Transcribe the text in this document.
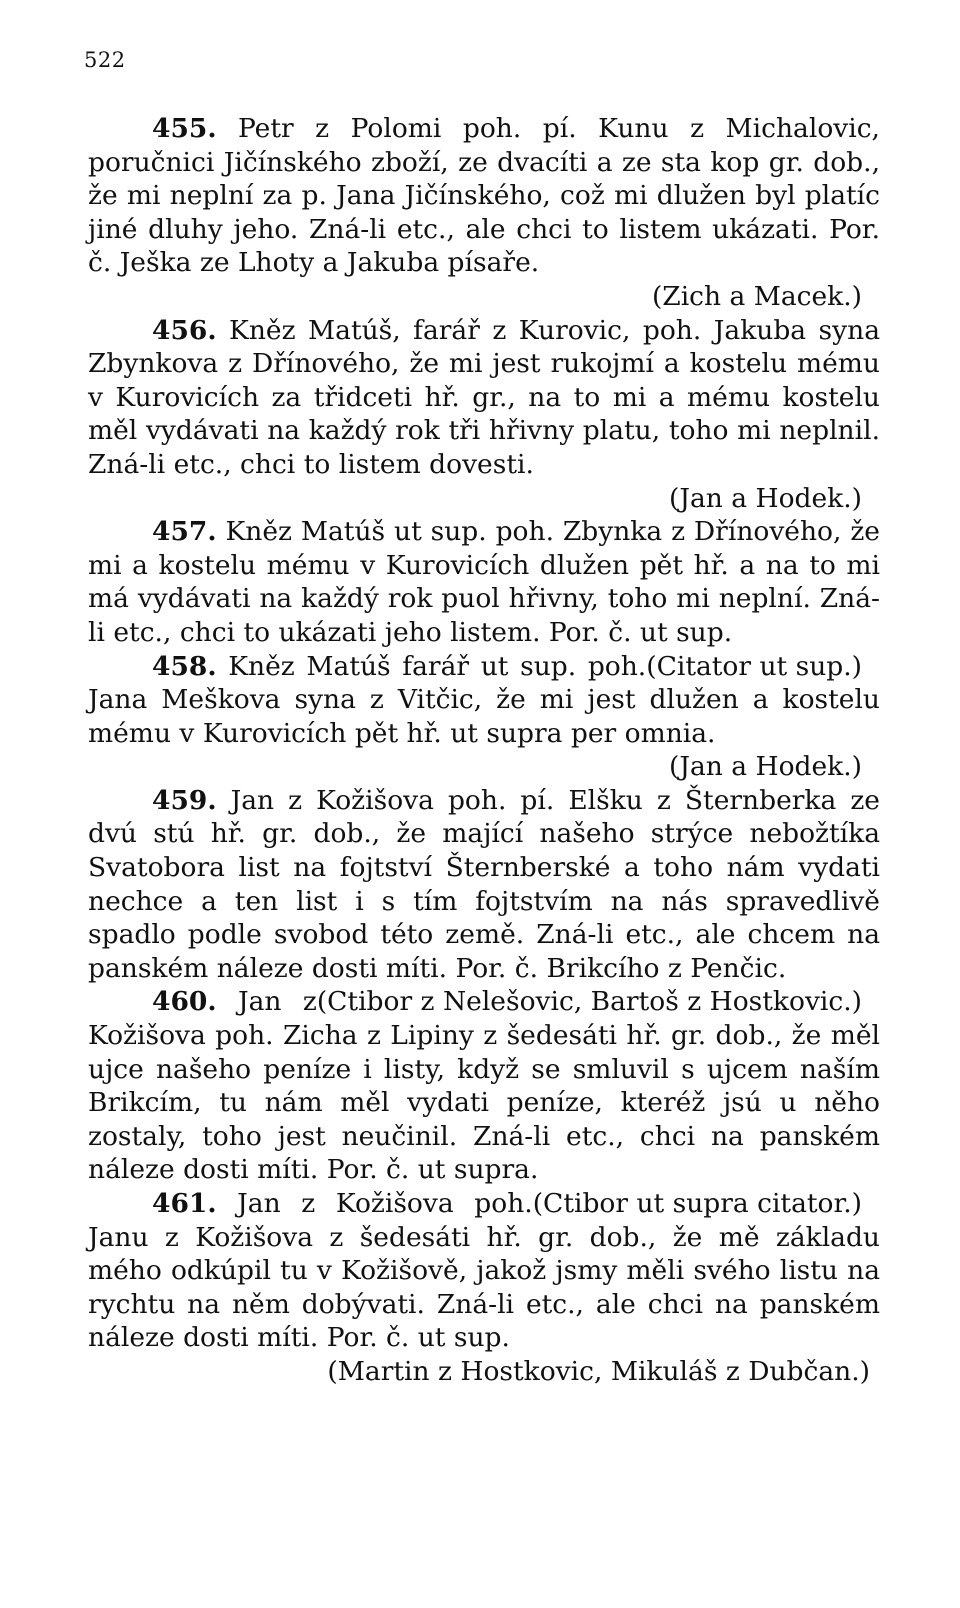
522

455. Petr z Polomi poh. pí. Kunu z Michalovic, poručnici Jičínského zboží, ze dvacíti a ze sta kop gr. dob., že mi neplní za p. Jana Jičínského, což mi dlužen byl platíc jiné dluhy jeho. Zná-li etc., ale chci to listem ukázati. Por. č. Ješka ze Lhoty a Jakuba písaře.

(Zich a Macek.)

456. Kněz Matúš, farář z Kurovic, poh. Jakuba syna Zbynkova z Dřínového, že mi jest rukojmí a kostelu mému v Kurovicích za třidceti hř. gr., na to mi a mému kostelu měl vydávati na každý rok tři hřivny platu, toho mi neplnil. Zná-li etc., chci to listem dovesti.

(Jan a Hodek.)

457. Kněz Matúš ut sup. poh. Zbynka z Dřínového, že mi a kostelu mému v Kurovicích dlužen pět hř. a na to mi má vydávati na každý rok puol hřivny, toho mi neplní. Zná-li etc., chci to ukázati jeho listem. Por. č. ut sup.
(Citator ut sup.)

458. Kněz Matúš farář ut sup. poh. Jana Meškova syna z Vitčic, že mi jest dlužen a kostelu mému v Kurovicích pět hř. ut supra per omnia.

(Jan a Hodek.)

459. Jan z Kožišova poh. pí. Elšku z Šternberka ze dvú stú hř. gr. dob., že mající našeho strýce nebožtíka Svatobora list na fojtství Šternberské a toho nám vydati nechce a ten list i s tím fojtstvím na nás spravedlivě spadlo podle svobod této země. Zná-li etc., ale chcem na panském náleze dosti míti. Por. č. Brikcího z Penčic.
(Ctibor z Nelešovic, Bartoš z Hostkovic.)

460. Jan z Kožišova poh. Zicha z Lipiny z šedesáti hř. gr. dob., že měl ujce našeho peníze i listy, když se smluvil s ujcem naším Brikcím, tu nám měl vydati peníze, kteréž jsú u něho zostaly, toho jest neučinil. Zná-li etc., chci na panském náleze dosti míti. Por. č. ut supra.
(Ctibor ut supra citator.)

461. Jan z Kožišova poh. Janu z Kožišova z šedesáti hř. gr. dob., že mě základu mého odkúpil tu v Kožišově, jakož jsmy měli svého listu na rychtu na něm dobývati. Zná-li etc., ale chci na panském náleze dosti míti. Por. č. ut sup.

(Martin z Hostkovic, Mikuláš z Dubčan.)
